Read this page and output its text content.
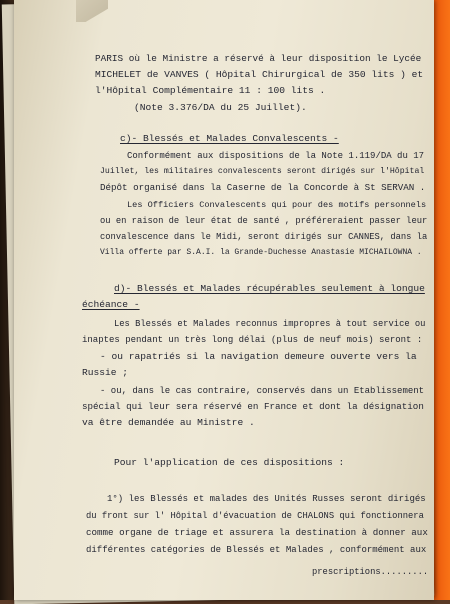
PARIS où le Ministre a réservé à leur disposition le Lycée
MICHELET de VANVES ( Hôpital Chirurgical de 350 lits ) et
l'Hôpital Complémentaire 11 : 100 lits .
(Note 3.376/DA du 25 Juillet).
c)- Blessés et Malades Convalescents -
Conformément aux dispositions de la Note 1.119/DA du 17
Juillet, les militaires convalescents seront dirigés sur l'Hôpital
Dépôt organisé dans la Caserne de la Concorde à St SERVAN .
Les Officiers Convalescents qui pour des motifs personnels
ou en raison de leur état de santé , préféreraient passer leur
convalescence dans le Midi, seront dirigés sur CANNES, dans la
Villa offerte par S.A.I. la Grande-Duchesse Anastasie MICHAILOWNA .
d)- Blessés et Malades récupérables seulement à longue
échéance -
Les Blessés et Malades reconnus impropres à tout service ou
inaptes pendant un très long délai (plus de neuf mois) seront :
- ou rapatriés si la navigation demeure ouverte vers la
Russie ;
- ou, dans le cas contraire, conservés dans un Etablissement
spécial qui leur sera réservé en France et dont la désignation
va être demandée au Ministre .
Pour l'application de ces dispositions :
1°) les Blessés et malades des Unités Russes seront dirigés
du front sur l' Hôpital d'évacuation de CHALONS qui fonctionnera
comme organe de triage et assurera la destination à donner aux
différentes catégories de Blessés et Malades , conformément aux
prescriptions.........
